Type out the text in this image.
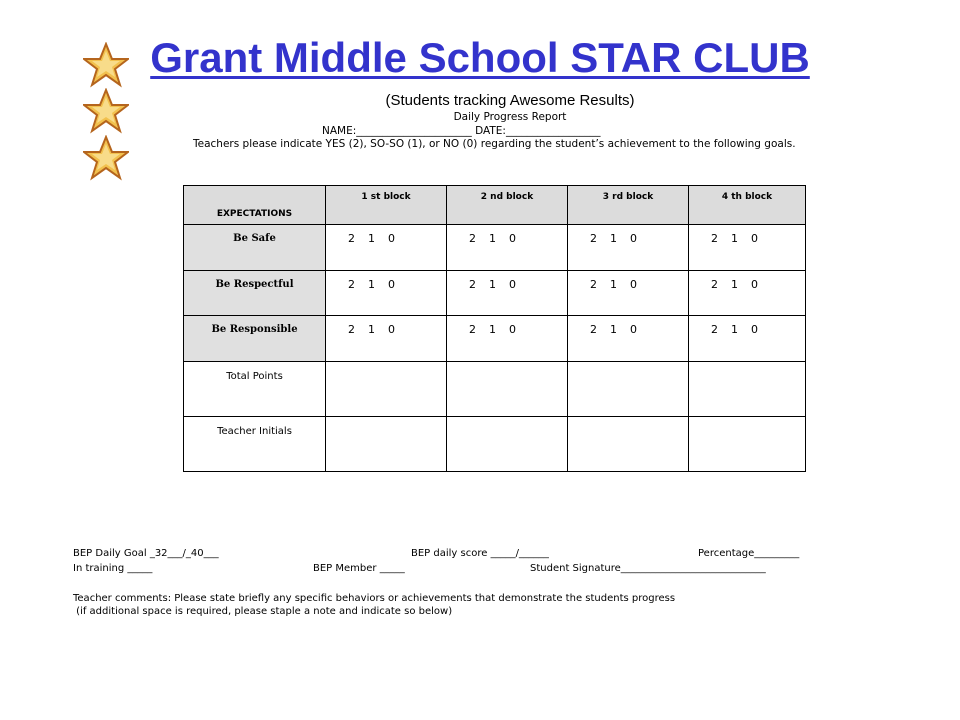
Grant Middle School STAR CLUB
(Students tracking Awesome Results)
Daily Progress Report
NAME:______________________ DATE:__________________
Teachers please indicate YES (2), SO-SO (1), or NO (0) regarding the student’s achievement to the following goals.
EXPECTATIONS	1 st block	2 nd block	3 rd block	4 th block
Be Safe	2 1 0	2 1 0	2 1 0	2 1 0
Be Respectful	2 1 0	2 1 0	2 1 0	2 1 0
Be Responsible	2 1 0	2 1 0	2 1 0	2 1 0
Total Points				
Teacher Initials				
BEP Daily Goal _32___/_40___	BEP daily score _____/______	Percentage_________
In training _____	BEP Member _____	Student Signature_____________________________
Teacher comments: Please state briefly any specific behaviors or achievements that demonstrate the students progress
(if additional space is required, please staple a note and indicate so below)
